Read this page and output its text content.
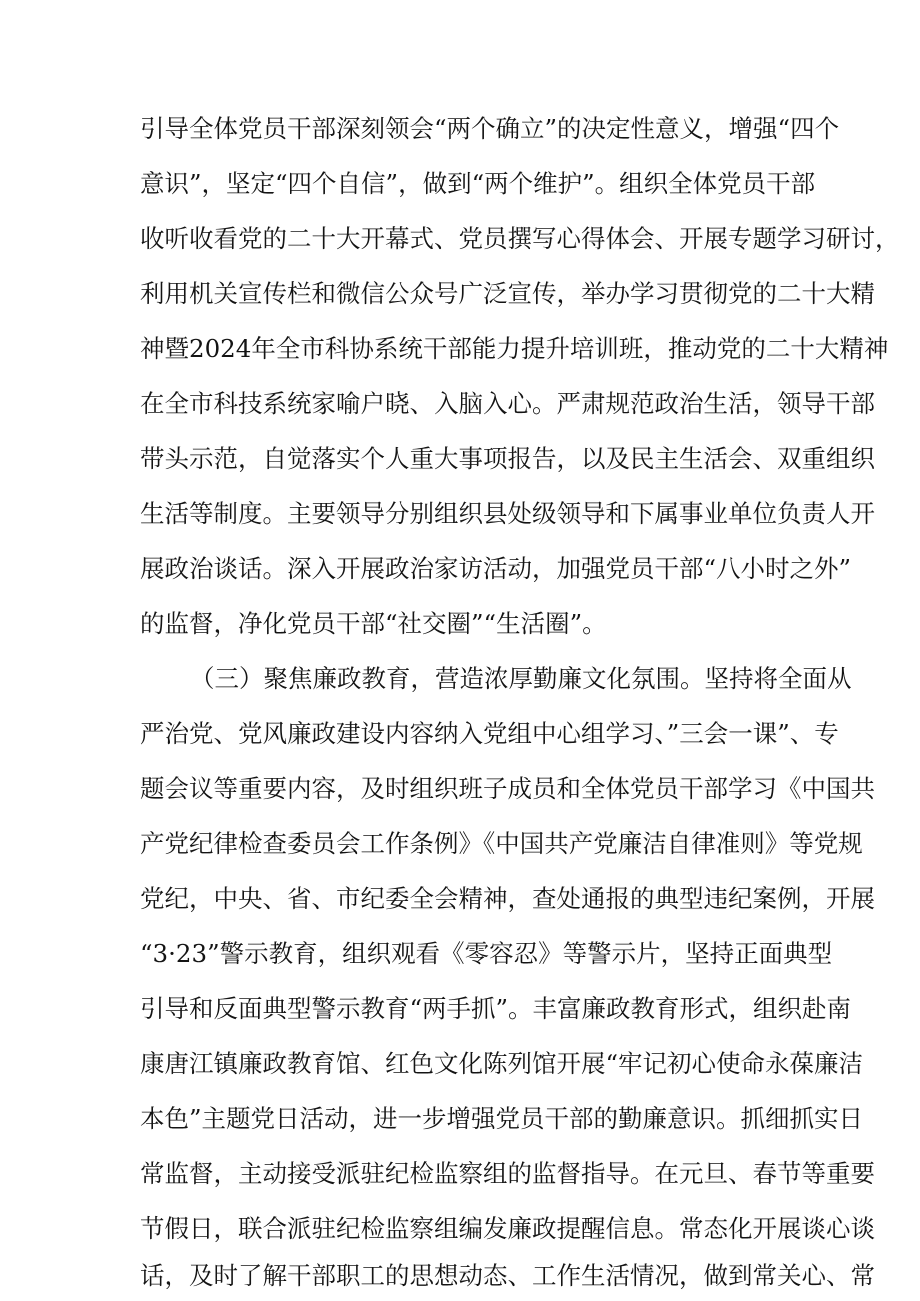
引导全体党员干部深刻领会“两个确立”的决定性意义，增强“四个
意识”，坚定“四个自信”，做到“两个维护”。组织全体党员干部
收听收看党的二十大开幕式、党员撰写心得体会、开展专题学习研讨，
利用机关宣传栏和微信公众号广泛宣传，举办学习贯彻党的二十大精
神暨2024年全市科协系统干部能力提升培训班，推动党的二十大精神
在全市科技系统家喻户晓、入脑入心。严肃规范政治生活，领导干部
带头示范，自觉落实个人重大事项报告，以及民主生活会、双重组织
生活等制度。主要领导分别组织县处级领导和下属事业单位负责人开
展政治谈话。深入开展政治家访活动，加强党员干部“八小时之外”
的监督，净化党员干部“社交圈”“生活圈”。
（三）聚焦廉政教育，营造浓厚勤廉文化氛围。坚持将全面从
严治党、党风廉政建设内容纳入党组中心组学习、”三会一课”、专
题会议等重要内容，及时组织班子成员和全体党员干部学习《中国共
产党纪律检查委员会工作条例》《中国共产党廉洁自律准则》等党规
党纪，中央、省、市纪委全会精神，查处通报的典型违纪案例，开展
“3·23”警示教育，组织观看《零容忍》等警示片，坚持正面典型
引导和反面典型警示教育“两手抓”。丰富廉政教育形式，组织赴南
康唐江镇廉政教育馆、红色文化陈列馆开展“牢记初心使命永葆廉洁
本色”主题党日活动，进一步增强党员干部的勤廉意识。抓细抓实日
常监督，主动接受派驻纪检监察组的监督指导。在元旦、春节等重要
节假日，联合派驻纪检监察组编发廉政提醒信息。常态化开展谈心谈
话，及时了解干部职工的思想动态、工作生活情况，做到常关心、常
